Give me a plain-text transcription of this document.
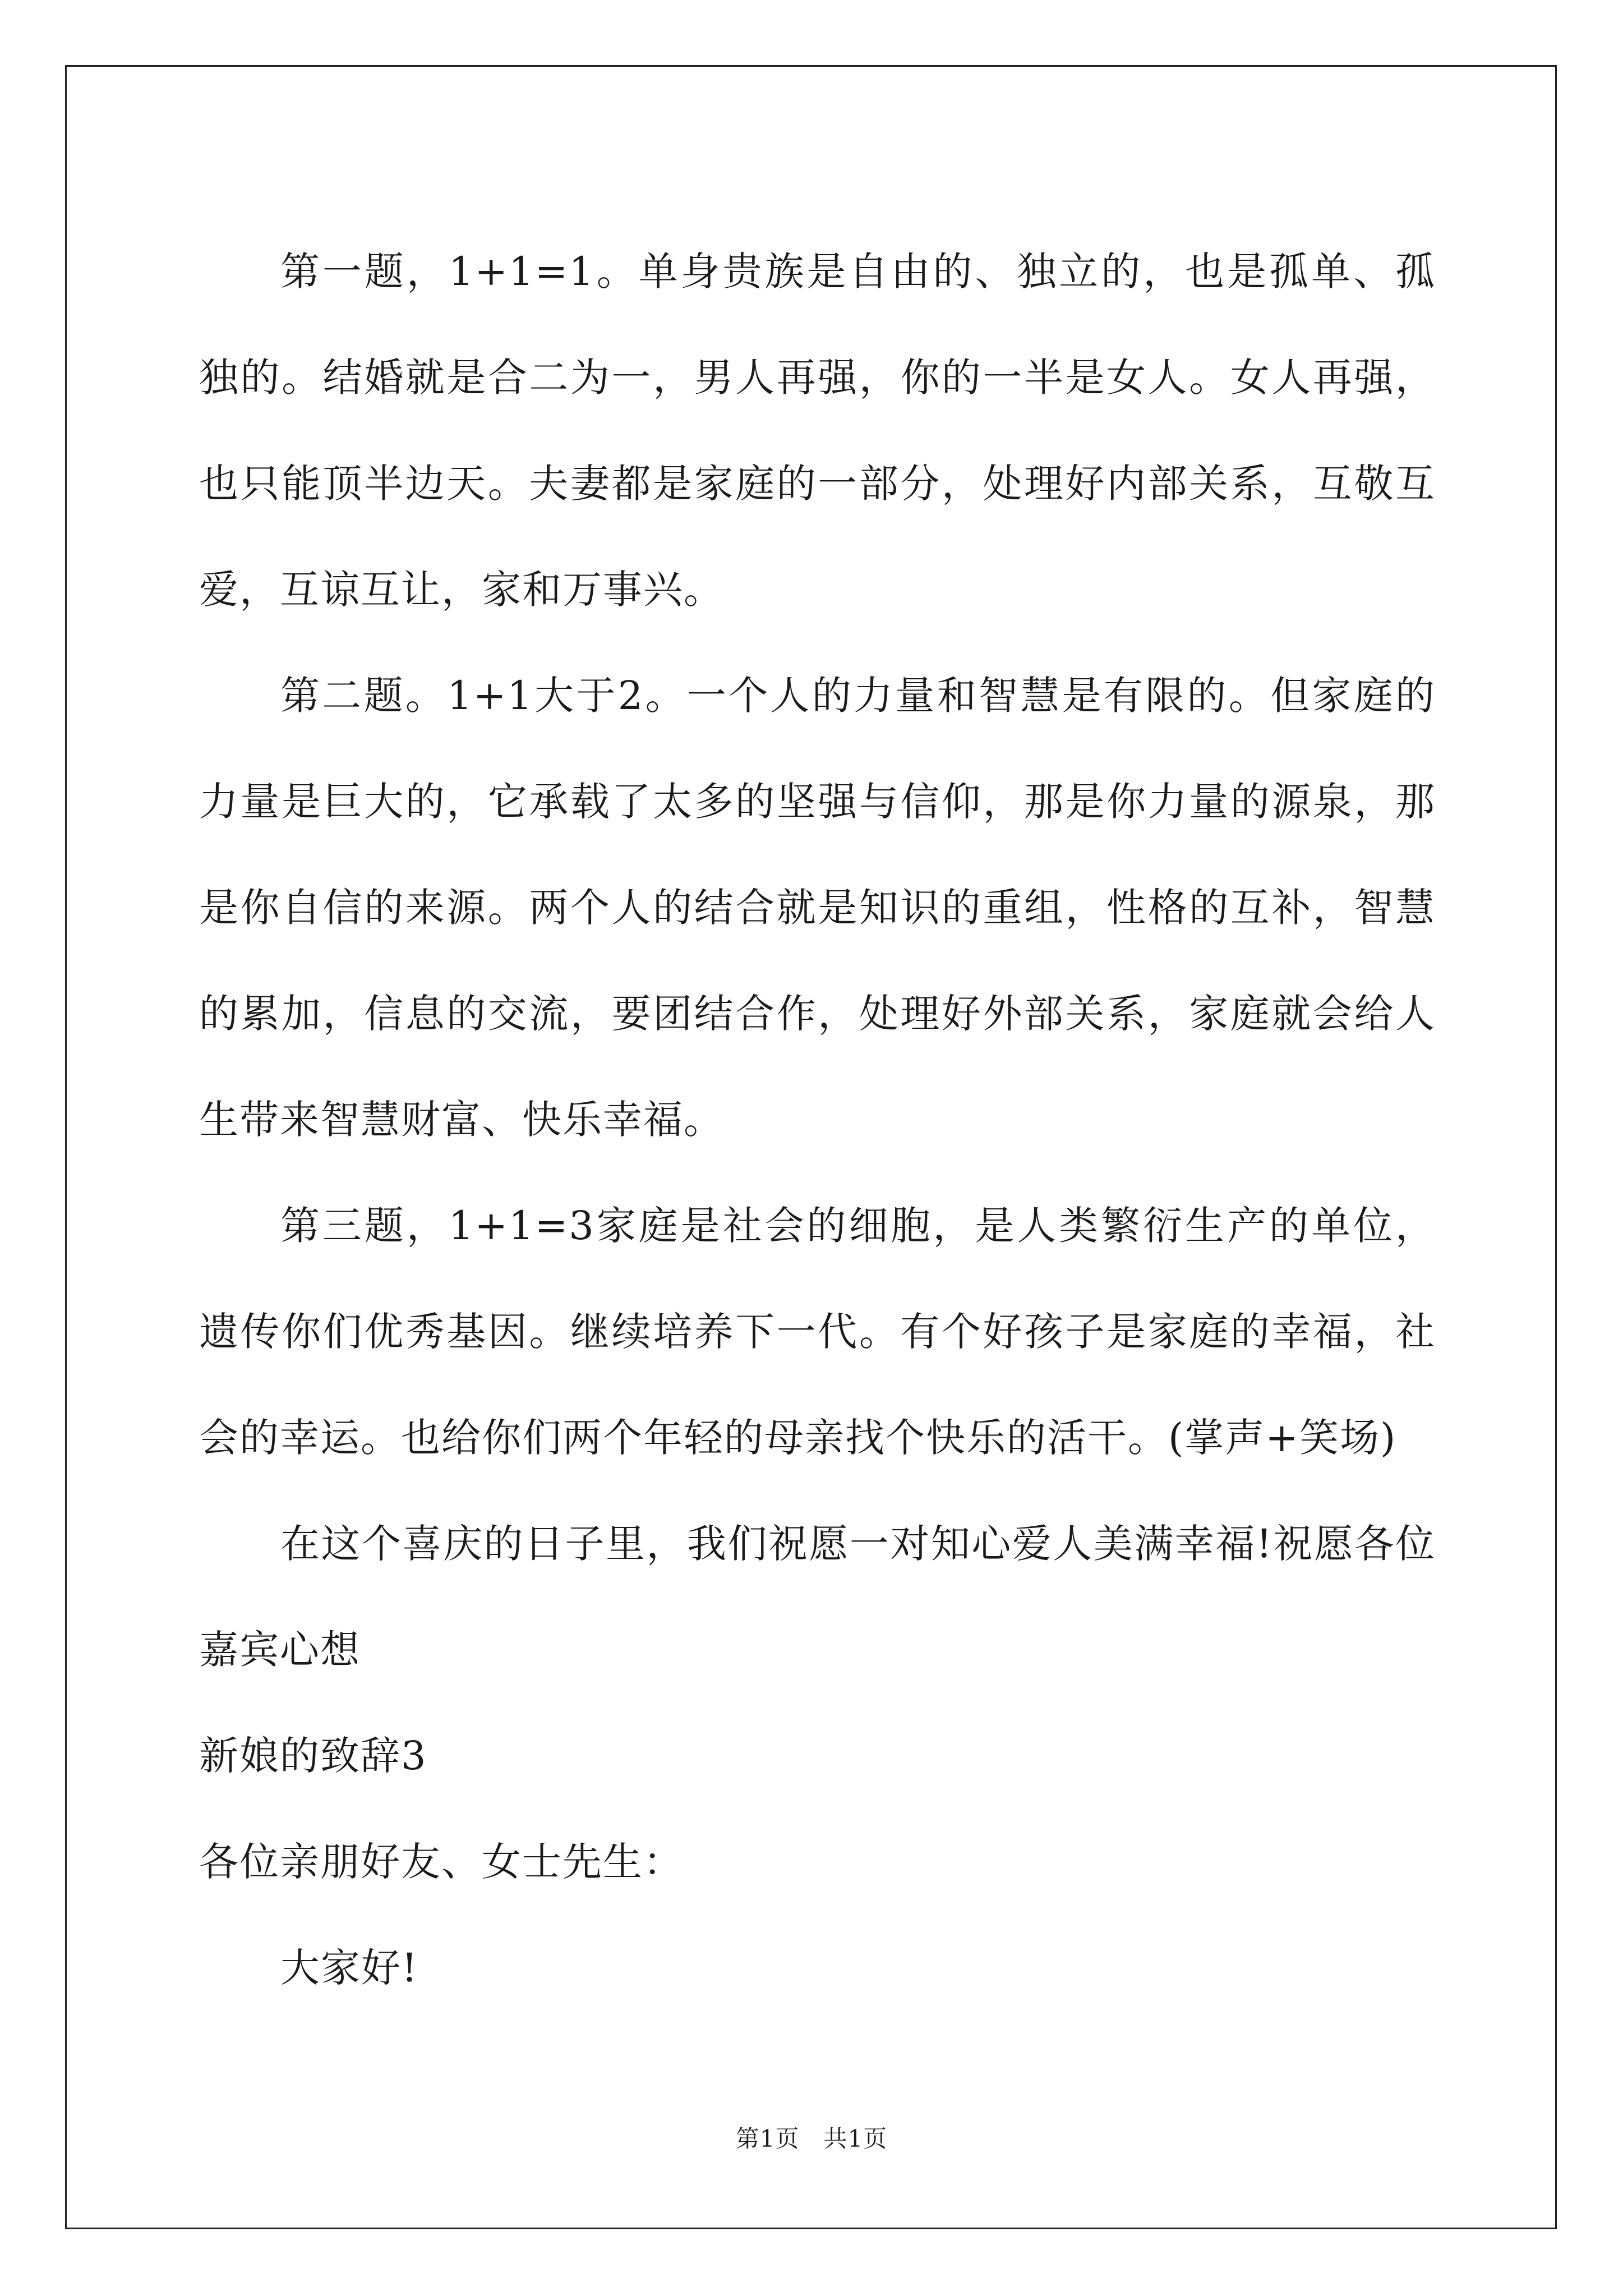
第一题，1+1=1。单身贵族是自由的、独立的，也是孤单、孤独的。结婚就是合二为一，男人再强，你的一半是女人。女人再强，也只能顶半边天。夫妻都是家庭的一部分，处理好内部关系，互敬互爱，互谅互让，家和万事兴。

第二题。1+1大于2。一个人的力量和智慧是有限的。但家庭的力量是巨大的，它承载了太多的坚强与信仰，那是你力量的源泉，那是你自信的来源。两个人的结合就是知识的重组，性格的互补，智慧的累加，信息的交流，要团结合作，处理好外部关系，家庭就会给人生带来智慧财富、快乐幸福。

第三题，1+1=3家庭是社会的细胞，是人类繁衍生产的单位，遗传你们优秀基因。继续培养下一代。有个好孩子是家庭的幸福，社会的幸运。也给你们两个年轻的母亲找个快乐的活干。(掌声+笑场)

在这个喜庆的日子里，我们祝愿一对知心爱人美满幸福!祝愿各位嘉宾心想

新娘的致辞3

各位亲朋好友、女士先生：

大家好!

第1页 共1页
